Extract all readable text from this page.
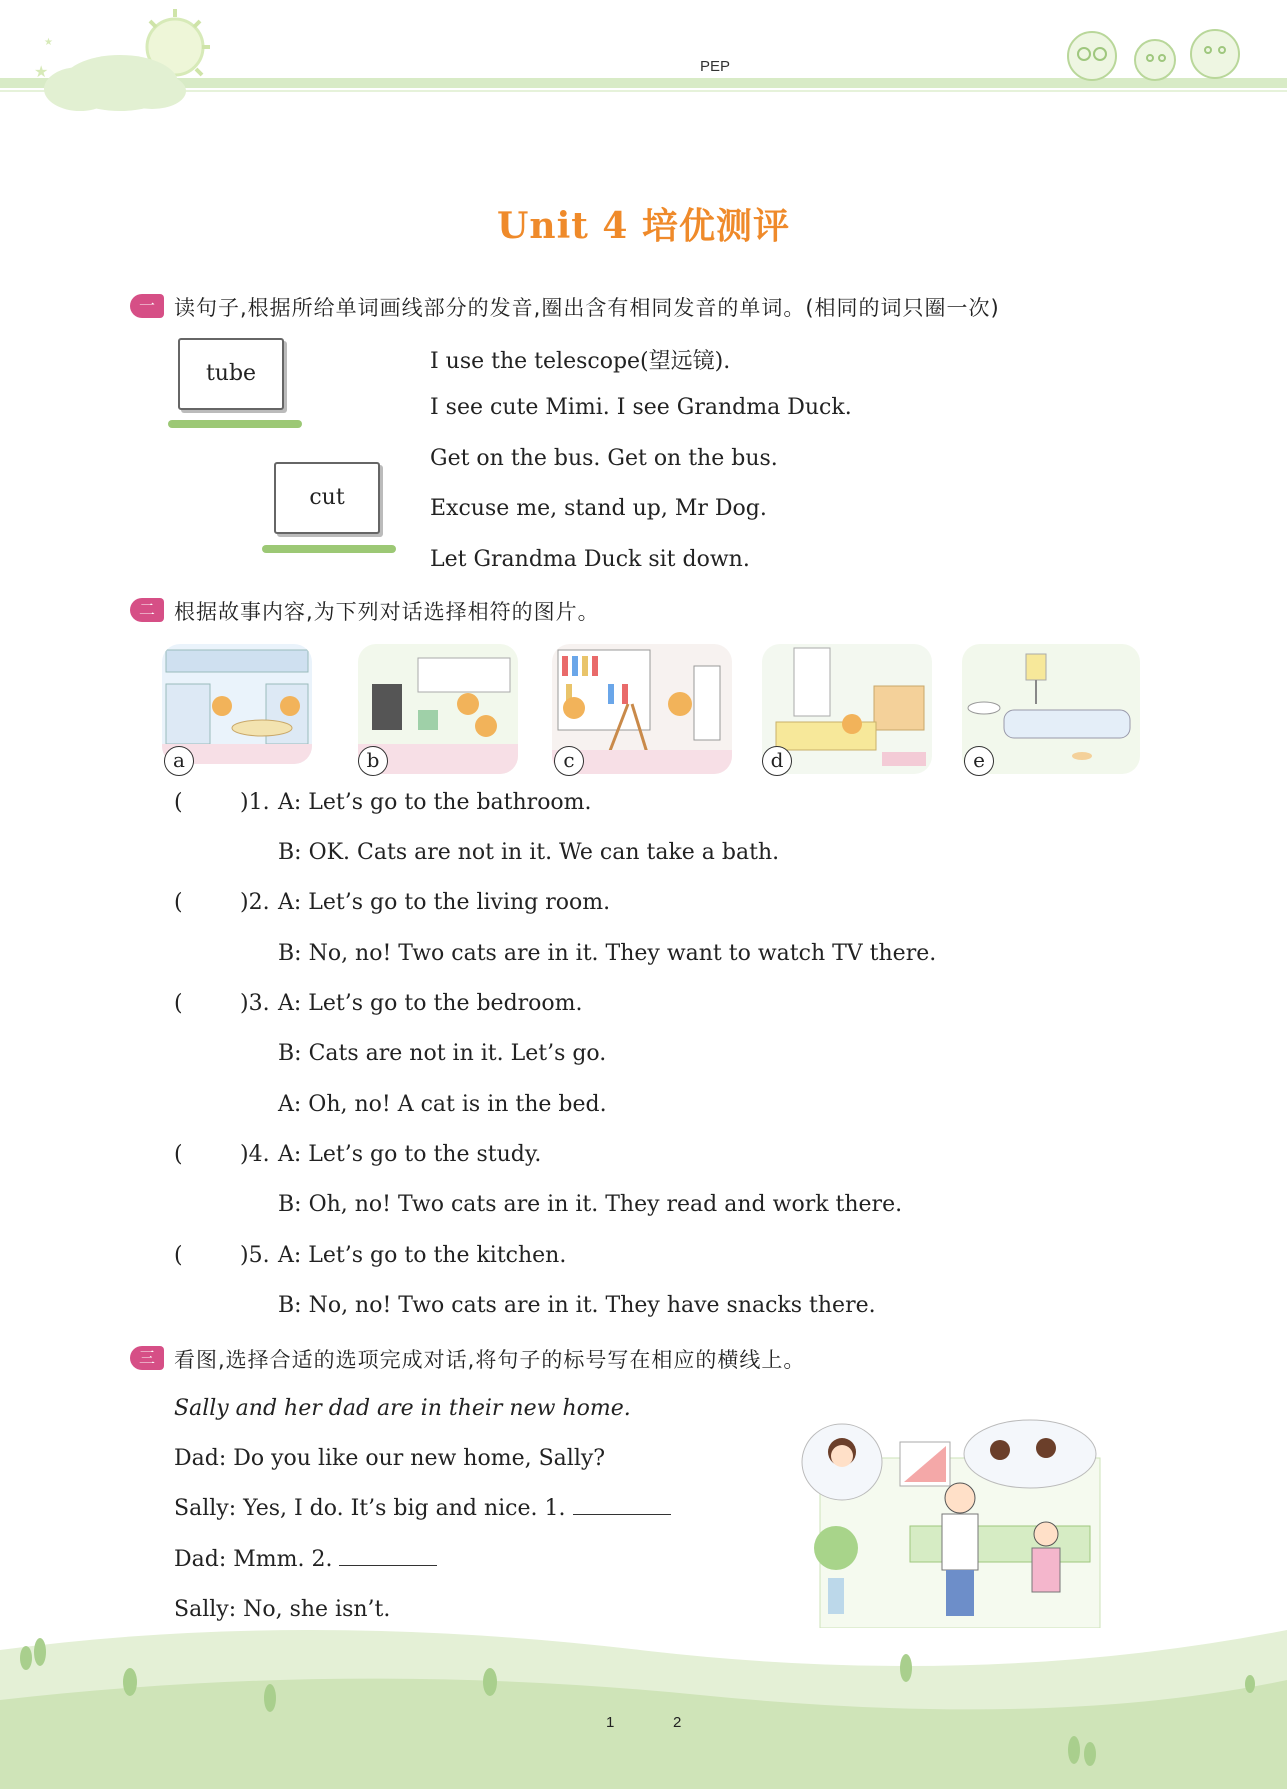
★
★
PEP
Unit 4 培优测评
一 读句子,根据所给单词画线部分的发音,圈出含有相同发音的单词。(相同的词只圈一次)
tube
cut
I use the telescope(望远镜).
I see cute Mimi. I see Grandma Duck.
Get on the bus. Get on the bus.
Excuse me, stand up, Mr Dog.
Let Grandma Duck sit down.
二 根据故事内容,为下列对话选择相符的图片。
a	b	c	d	e
(	)1. A: Let’s go to the bathroom.
B: OK. Cats are not in it. We can take a bath.
(	)2. A: Let’s go to the living room.
B: No, no! Two cats are in it. They want to watch TV there.
(	)3. A: Let’s go to the bedroom.
B: Cats are not in it. Let’s go.
A: Oh, no! A cat is in the bed.
(	)4. A: Let’s go to the study.
B: Oh, no! Two cats are in it. They read and work there.
(	)5. A: Let’s go to the kitchen.
B: No, no! Two cats are in it. They have snacks there.
三 看图,选择合适的选项完成对话,将句子的标号写在相应的横线上。
Sally and her dad are in their new home.
Dad: Do you like our new home, Sally?
Sally: Yes, I do. It’s big and nice. 1.
Dad: Mmm. 2.
Sally: No, she isn’t.
1	2
